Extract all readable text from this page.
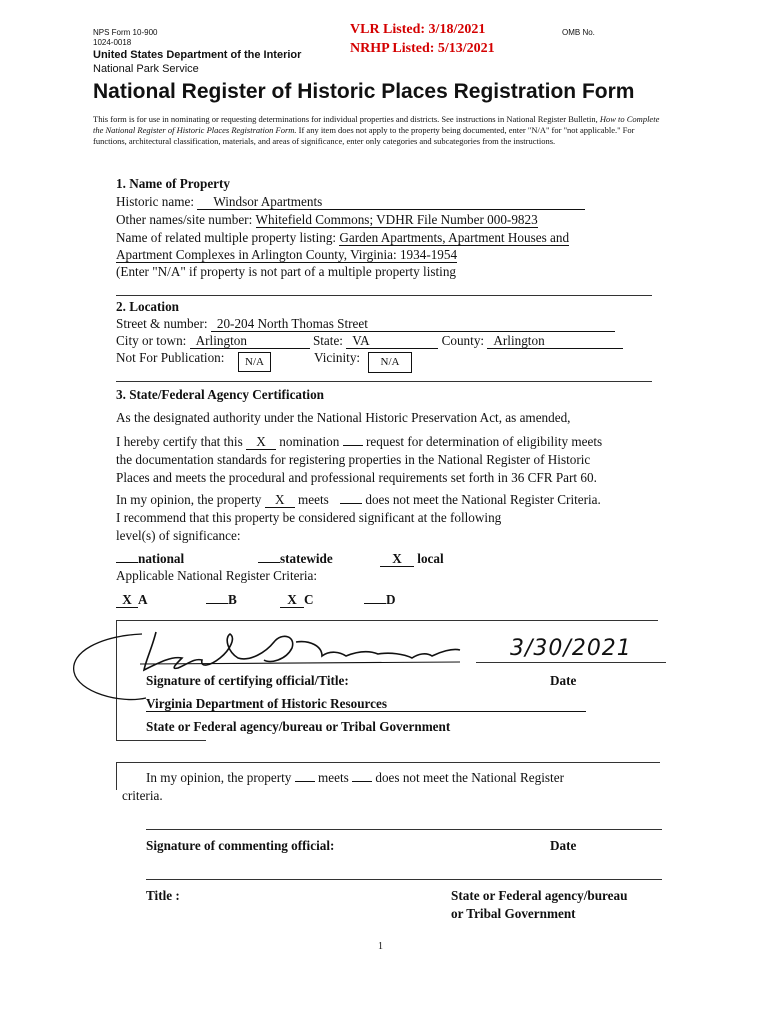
NPS Form 10-900
1024-0018
United States Department of the Interior
National Park Service
VLR Listed: 3/18/2021
NRHP Listed: 5/13/2021
OMB No.
National Register of Historic Places Registration Form
This form is for use in nominating or requesting determinations for individual properties and districts. See instructions in National Register Bulletin, How to Complete the National Register of Historic Places Registration Form. If any item does not apply to the property being documented, enter "N/A" for "not applicable." For functions, architectural classification, materials, and areas of significance, enter only categories and subcategories from the instructions.
1. Name of Property
Historic name: Windsor Apartments
Other names/site number: Whitefield Commons; VDHR File Number 000-9823
Name of related multiple property listing: Garden Apartments, Apartment Houses and
Apartment Complexes in Arlington County, Virginia: 1934-1954
(Enter "N/A" if property is not part of a multiple property listing
2. Location
Street & number: 20-204 North Thomas Street
City or town: Arlington	State: VA	County: Arlington
Not For Publication:	N/A	Vicinity:	N/A
3. State/Federal Agency Certification
As the designated authority under the National Historic Preservation Act, as amended,
I hereby certify that this X nomination request for determination of eligibility meets
the documentation standards for registering properties in the National Register of Historic
Places and meets the procedural and professional requirements set forth in 36 CFR Part 60.
In my opinion, the property X meets	does not meet the National Register Criteria.
I recommend that this property be considered significant at the following
level(s) of significance:
national	statewide	X local
Applicable National Register Criteria:
X A	B	X C	D
3/30/2021
Signature of certifying official/Title:	Date
Virginia Department of Historic Resources
State or Federal agency/bureau or Tribal Government
In my opinion, the property meets does not meet the National Register
criteria.
Signature of commenting official:	Date
Title :	State or Federal agency/bureau
or Tribal Government
1
